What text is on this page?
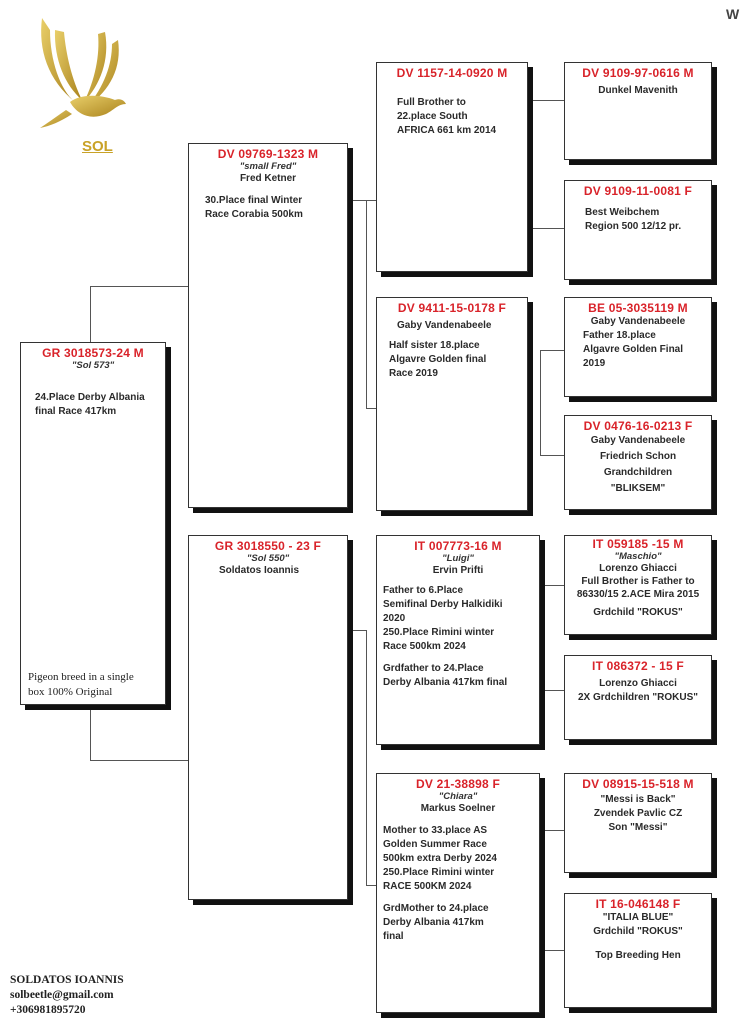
SOL
W
GR 3018573-24 M
"Sol 573"
24.Place Derby Albania
final Race 417km
Pigeon breed in a single
box 100% Original
DV 09769-1323 M
"small Fred"
Fred Ketner
30.Place final Winter
Race Corabia 500km
GR 3018550 - 23 F
"Sol 550"
Soldatos Ioannis
DV 1157-14-0920 M
Full Brother to
22.place South
AFRICA 661 km 2014
DV 9411-15-0178 F
Gaby Vandenabeele
Half sister 18.place
Algavre Golden final
Race 2019
IT 007773-16 M
"Luigi"
Ervin Prifti
Father to 6.Place
Semifinal Derby Halkidiki
2020
250.Place Rimini winter
Race 500km 2024
Grdfather to 24.Place
Derby Albania 417km final
DV 21-38898 F
"Chiara"
Markus Soelner
Mother to 33.place AS
Golden Summer Race
500km extra Derby 2024
250.Place Rimini winter
RACE 500KM 2024
GrdMother to 24.place
Derby Albania 417km
final
DV 9109-97-0616 M
Dunkel Mavenith
DV 9109-11-0081 F
Best Weibchem
Region 500 12/12 pr.
BE 05-3035119 M
Gaby Vandenabeele
Father 18.place
Algavre Golden Final
2019
DV 0476-16-0213 F
Gaby Vandenabeele
Friedrich Schon
Grandchildren
"BLIKSEM"
IT 059185 -15 M
"Maschio"
Lorenzo Ghiacci
Full Brother is Father to
86330/15 2.ACE Mira 2015
Grdchild "ROKUS"
IT 086372 - 15 F
Lorenzo Ghiacci
2X Grdchildren "ROKUS"
DV 08915-15-518 M
"Messi is Back"
Zvendek Pavlic CZ
Son "Messi"
IT 16-046148 F
"ITALIA BLUE"
Grdchild "ROKUS"
Top Breeding Hen
SOLDATOS IOANNIS
solbeetle@gmail.com
+306981895720
